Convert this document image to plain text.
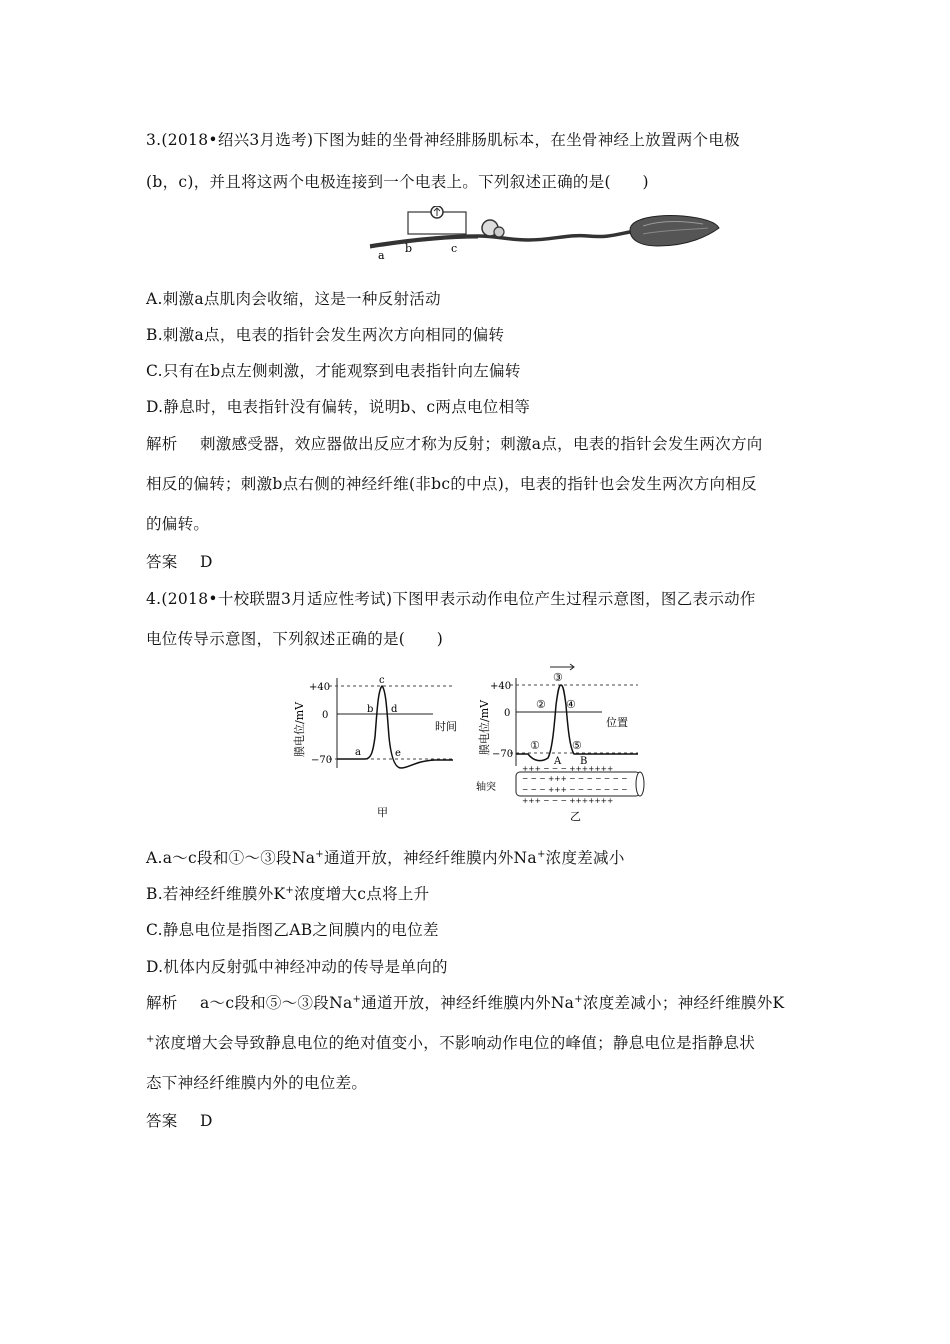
3.(2018•绍兴3月选考)下图为蛙的坐骨神经腓肠肌标本，在坐骨神经上放置两个电极
(b，c)，并且将这两个电极连接到一个电表上。下列叙述正确的是(　　)
a
b	c
A.刺激a点肌肉会收缩，这是一种反射活动
B.刺激a点，电表的指针会发生两次方向相同的偏转
C.只有在b点左侧刺激，才能观察到电表指针向左偏转
D.静息时，电表指针没有偏转，说明b、c两点电位相等
解析 刺激感受器，效应器做出反应才称为反射；刺激a点，电表的指针会发生两次方向
相反的偏转；刺激b点右侧的神经纤维(非bc的中点)，电表的指针也会发生两次方向相反
的偏转。
答案 D
4.(2018•十校联盟3月适应性考试)下图甲表示动作电位产生过程示意图，图乙表示动作
电位传导示意图，下列叙述正确的是(　　)
膜电位/mV
+40
0
−70
时间
a
b
c
d
e
甲
膜电位/mV
+40
0
−70
位置
①
②
③
④
⑤
A B
轴突
+++ − − − +++++++
− − − +++ − − − − − − −
− − − +++ − − − − − − −
+++ − − − +++++++
乙
A.a～c段和①～③段Na+通道开放，神经纤维膜内外Na+浓度差减小
B.若神经纤维膜外K+浓度增大c点将上升
C.静息电位是指图乙AB之间膜内的电位差
D.机体内反射弧中神经冲动的传导是单向的
解析 a～c段和⑤～③段Na+通道开放，神经纤维膜内外Na+浓度差减小；神经纤维膜外K
+浓度增大会导致静息电位的绝对值变小，不影响动作电位的峰值；静息电位是指静息状
态下神经纤维膜内外的电位差。
答案 D
